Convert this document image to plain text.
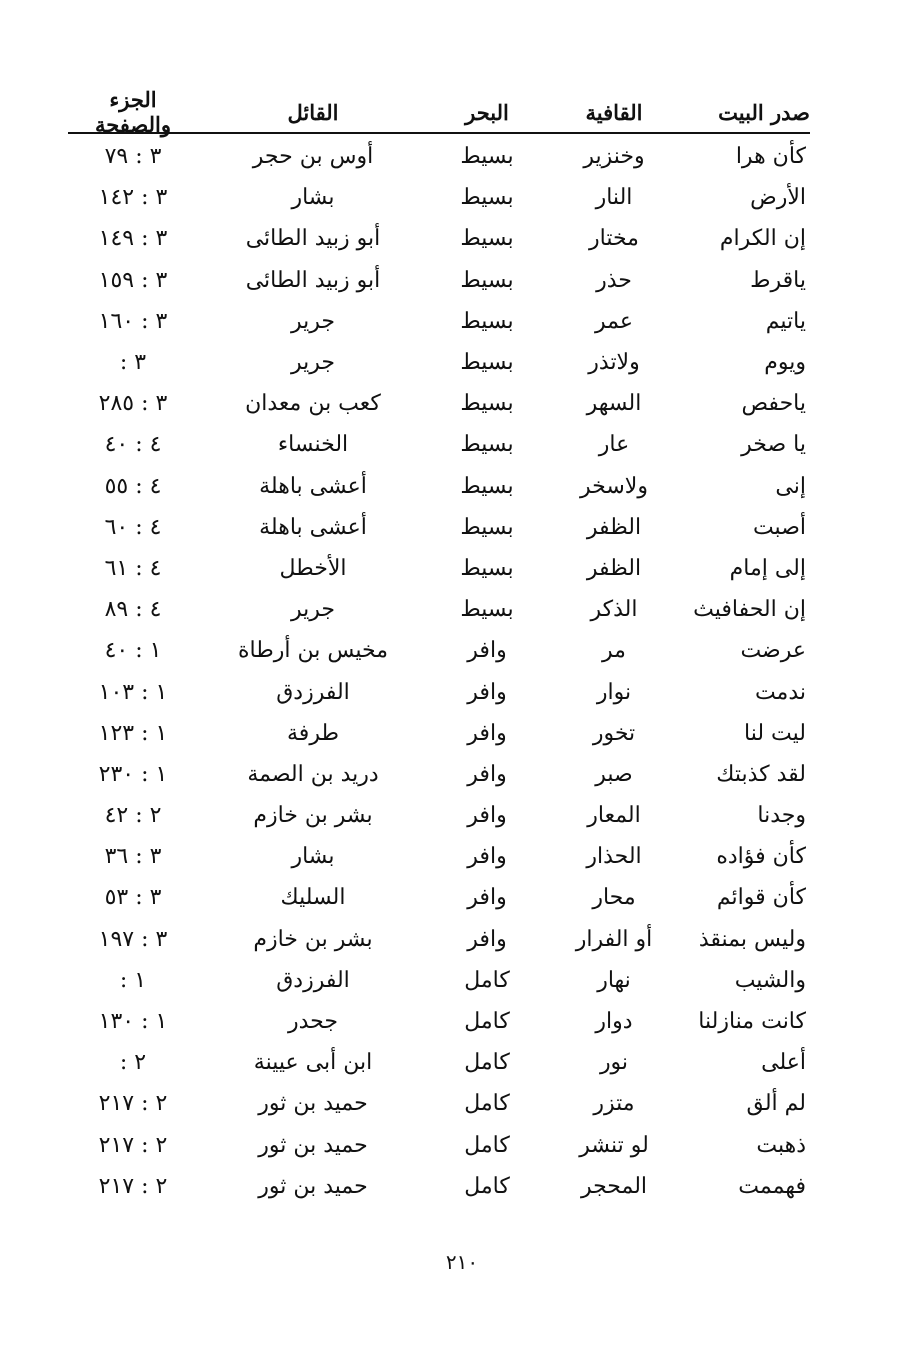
صدر البيت
القافية
البحر
القائل
الجزء والصفحة
كأن هرا
وخنزير
بسيط
أوس بن حجر
٣ : ٧٩
الأرض
النار
بسيط
بشار
٣ : ١٤٢
إن الكرام
مختار
بسيط
أبو زبيد الطائى
٣ : ١٤٩
ياقرط
حذر
بسيط
أبو زبيد الطائى
٣ : ١٥٩
ياتيم
عمر
بسيط
جرير
٣ : ١٦٠
ويوم
ولاتذر
بسيط
جرير
٣ :
ياحفص
السهر
بسيط
كعب بن معدان
٣ : ٢٨٥
يا صخر
عار
بسيط
الخنساء
٤ : ٤٠
إنى
ولاسخر
بسيط
أعشى باهلة
٤ : ٥٥
أصبت
الظفر
بسيط
أعشى باهلة
٤ : ٦٠
إلى إمام
الظفر
بسيط
الأخطل
٤ : ٦١
إن الحفافيث
الذكر
بسيط
جرير
٤ : ٨٩
عرضت
مر
وافر
مخيس بن أرطاة
١ : ٤٠
ندمت
نوار
وافر
الفرزدق
١ : ١٠٣
ليت لنا
تخور
وافر
طرفة
١ : ١٢٣
لقد كذبتك
صبر
وافر
دريد بن الصمة
١ : ٢٣٠
وجدنا
المعار
وافر
بشر بن خازم
٢ : ٤٢
كأن فؤاده
الحذار
وافر
بشار
٣ : ٣٦
كأن قوائم
محار
وافر
السليك
٣ : ٥٣
وليس بمنقذ
أو الفرار
وافر
بشر بن خازم
٣ : ١٩٧
والشيب
نهار
كامل
الفرزدق
١ :
كانت منازلنا
دوار
كامل
جحدر
١ : ١٣٠
أعلى
نور
كامل
ابن أبى عيينة
٢ :
لم ألق
متزر
كامل
حميد بن ثور
٢ : ٢١٧
ذهبت
لو تنشر
كامل
حميد بن ثور
٢ : ٢١٧
فهممت
المحجر
كامل
حميد بن ثور
٢ : ٢١٧
٢١٠
